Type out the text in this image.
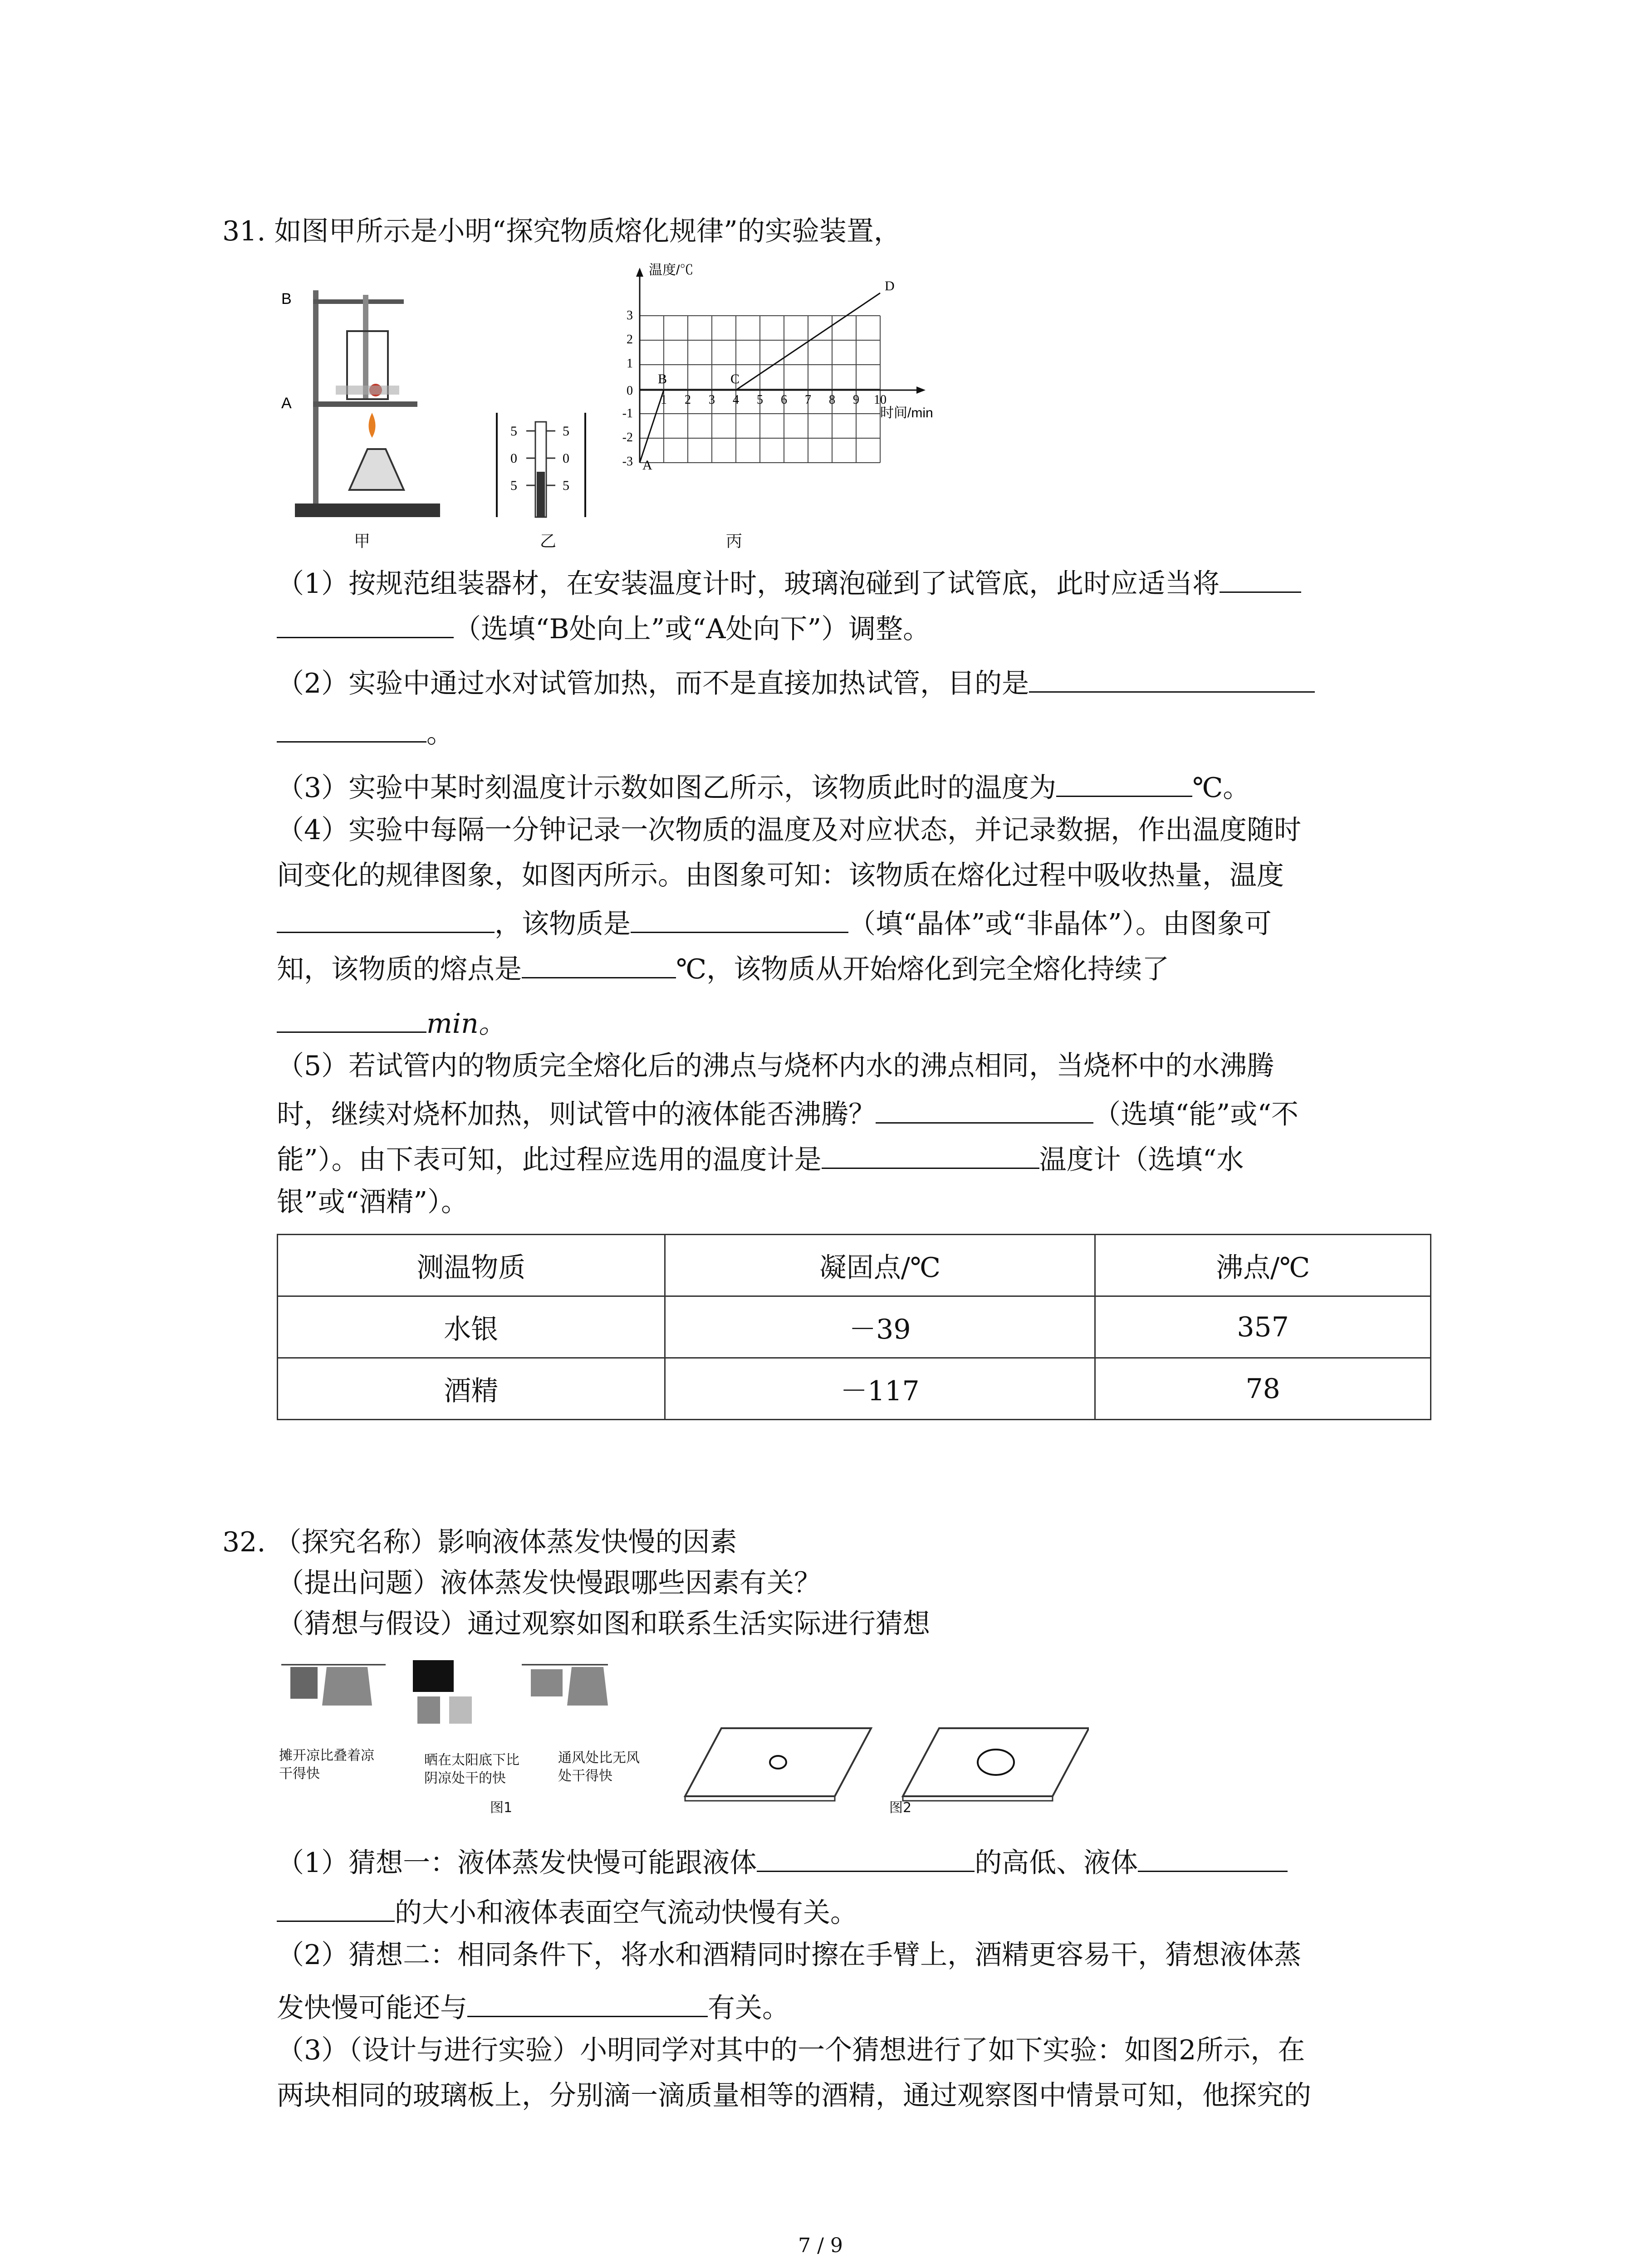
31. 如图甲所示是小明“探究物质熔化规律”的实验装置，
B
A
甲
5
0
5
5
0
5
乙
温度/℃
时间/min
3
2
1
0
-1
-2
-3
1 2 3 4 5 6 7 8 9 10
A
B	C
D
丙
（1）按规范组装器材，在安装温度计时，玻璃泡碰到了试管底，此时应适当将
（选填“B处向上”或“A处向下”）调整。
（2）实验中通过水对试管加热，而不是直接加热试管，目的是
。
（3）实验中某时刻温度计示数如图乙所示，该物质此时的温度为	℃。
（4）实验中每隔一分钟记录一次物质的温度及对应状态，并记录数据，作出温度随时
间变化的规律图象，如图丙所示。由图象可知：该物质在熔化过程中吸收热量，温度
，该物质是	（填“晶体”或“非晶体”）。由图象可
知，该物质的熔点是	℃，该物质从开始熔化到完全熔化持续了
min。
（5）若试管内的物质完全熔化后的沸点与烧杯内水的沸点相同，当烧杯中的水沸腾
时，继续对烧杯加热，则试管中的液体能否沸腾？	（选填“能”或“不
能”）。由下表可知，此过程应选用的温度计是	温度计（选填“水
银”或“酒精”）。
测温物质	凝固点/℃	沸点/℃
水银	－39	357
酒精	－117	78
32. （探究名称）影响液体蒸发快慢的因素
（提出问题）液体蒸发快慢跟哪些因素有关？
（猜想与假设）通过观察如图和联系生活实际进行猜想
摊开凉比叠着凉
干得快
晒在太阳底下比
阴凉处干的快
通风处比无风
处干得快
图1	图2
（1）猜想一：液体蒸发快慢可能跟液体	的高低、液体
的大小和液体表面空气流动快慢有关。
（2）猜想二：相同条件下，将水和酒精同时擦在手臂上，酒精更容易干，猜想液体蒸
发快慢可能还与	有关。
（3）（设计与进行实验）小明同学对其中的一个猜想进行了如下实验：如图2所示，在
两块相同的玻璃板上，分别滴一滴质量相等的酒精，通过观察图中情景可知，他探究的
7 / 9
